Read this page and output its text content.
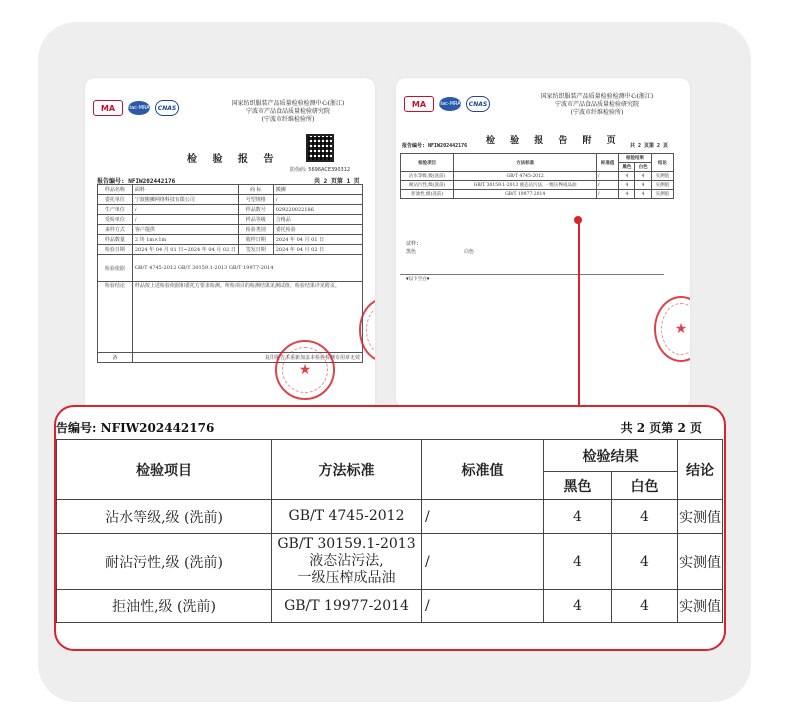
MA	ilac-MRA	CNAS
国家纺织服装产品质量检验检测中心(浙江)
宁波市产品食品质量检验研究院
(宁波市纤维检验所)
检 验 报 告
防伪码: 5696ACE390312
报告编号: NFIW202442176	共 2 页第 1 页
样品名称	面料	商 标	搬狮
委托单位	宁波搬狮网络科技有限公司	号型规格	/
生产单位	/	样品数号	029220022186
受检单位	/	样品等级	合格品
来样方式	客户提供	检验类别	委托检验
样品数量	2 块 1m×1m	收样日期	2024 年 04 月 01 日
检验日期	2024 年 04 月 01 日~2024 年 04 月 02 日	签发日期	2024 年 04 月 02 日
检验依据	GB/T 4745-2012 GB/T 30159.1-2013 GB/T 19977-2014		
检验结论	样品按上述检验依据和委托方要求检测。所检项目的检测结果见测试值。检验结果详见附页。		
备	复印报告未重新加盖本检验检测专用章无效		
★
MA	ilac-MRA	CNAS
国家纺织服装产品质量检验检测中心(浙江)
宁波市产品食品质量检验研究院
(宁波市纤维检验所)
检 验 报 告 附 页
报告编号: NFIW202442176	共 2 页第 2 页
检验项目	方法标准	标准值	检验结果		结论
			黑色	白色	
沾水等级,级(洗前)	GB/T 4745-2012	/	4	4	实测值
耐沾污性,级(洗前)	GB/T 30159.1-2013 液态沾污法, 一级压榨成品油	/	4	4	实测值
拒油性,级(洗前)	GB/T 19977-2014	/	4	4	实测值
试样:
黑色	白色
▼以下空白▼
★
告编号: NFIW202442176	共 2 页第 2 页
检验项目	方法标准	标准值	检验结果		结论
			黑色	白色	
沾水等级,级 (洗前)	GB/T 4745-2012	/	4	4	实测值
耐沾污性,级 (洗前)	GB/T 30159.1-2013
液态沾污法,
一级压榨成品油	/	4	4	实测值
拒油性,级 (洗前)	GB/T 19977-2014	/	4	4	实测值
